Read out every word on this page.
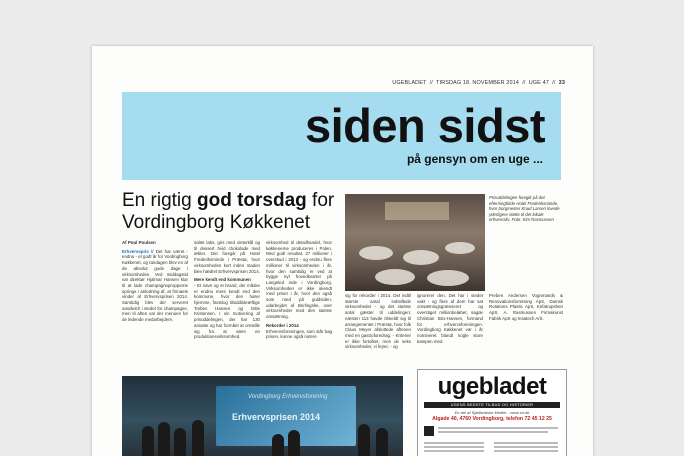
UGEBLADET  //  TIRSDAG 18. NOVEMBER 2014  //  UGE 47  //  33
siden sidst
på gensyn om en uge ...
En rigtig god torsdag for Vordingborg Køkkenet
Prisuddelingen foregik på det efterningfolde Hotel Frederiksminde, hvor borgmester Knud Larsen lovede yderligere støtte til det lokale erhvervsliv. Foto: Kim Rasmussen
Af Poul Poulsen
Erhvervspris // Det har været - endnu - et godt år for Vordingborg Køkkenet, og tandagen blev en af de absolut gode dage i virksomheden. Ved middagstid var direktør Hjalmar Hansen klar til at lade champagnepropperne springe i anledning af, at firmaets vinder af Erhvervsprisen 2014. Samtidig blev der serveret sandwich i stedet for champagne, men til aften var der menuen for de ledende medarbejdere.
saltet laks, gris med vinterkål og til dessert hvid chokolade med æbler. Det foregik på Hotel Frederiksminde i Præstø, hvor virksomheden kort inden maden blev hædret Erhvervsprisen 2014.
Mere kendt end kommunen
- Et navn og et brand, der måske er endnu mere kendt end den kommune, hvor den hører hjemme, fastslog tilsiddiskræftige Torben Hansen og Gitte Kristensen. I sin motivering af prisuddelingen, der har 130 ansatte og har formået at omstille sig fra at være en produktionsvirksomhed.
virksomhed til detailhandel, hvor køkkenerne produceres i Polen. Med godt resultat. 27 millioner i overskud i 2013 - og endnu flere millioner til virksomheden i år, hvor den samtidig er ved at bygge nyt hovedkvarter på Langeled inde i Vordingborg. Virksomheden er ikke ukendt med priser i år, hvor den også som med på guldsiden, udarbejdet af Berlingske, over virksomheder med den største omsætning.
Rekorder i 2014
Erhvervsforeningen, som står bag prisen, kunne også notere
sig for rekorder i 2014. Det indtil største antal indstillede virksomheder - og det største antal gæster til uddelingen; næsten 113 havde tilmeldt sig til arrangementet i Præstø, hvor folk Claus Meyer afsluttede aftenen med en gastroforedrag. - Kriterier er ikke fortolket, men de seks virksomheder, vi fejrer, - og
ignorerer den. Det har i stedet vakt - og flere af dem har sat omsætningsgrænseret og overstiget millionbeløbet, sagde Christian Brix-Hansen, formand for erhvervsforeningen. Vordingborg Køkkenet var i år nomineret blandt nogle store kampen med
Preben Andersen Vognmands & Renovationsforretning ApS, Damsk Rotations Plastic ApS, Kefatrupsheri ApS, A. Rasmussen Firmakunst Fabrik ApS og Insatech A/S.
Vordingborg Erhvervsforening
Erhvervsprisen 2014
ugebladet
UGENS BEDSTE TILBUD OG HISTORIER
En del af Sjællandske Medier - www.sn.dk
Algade 40, 4760 Vordingborg, telefon 72 45 12 25
